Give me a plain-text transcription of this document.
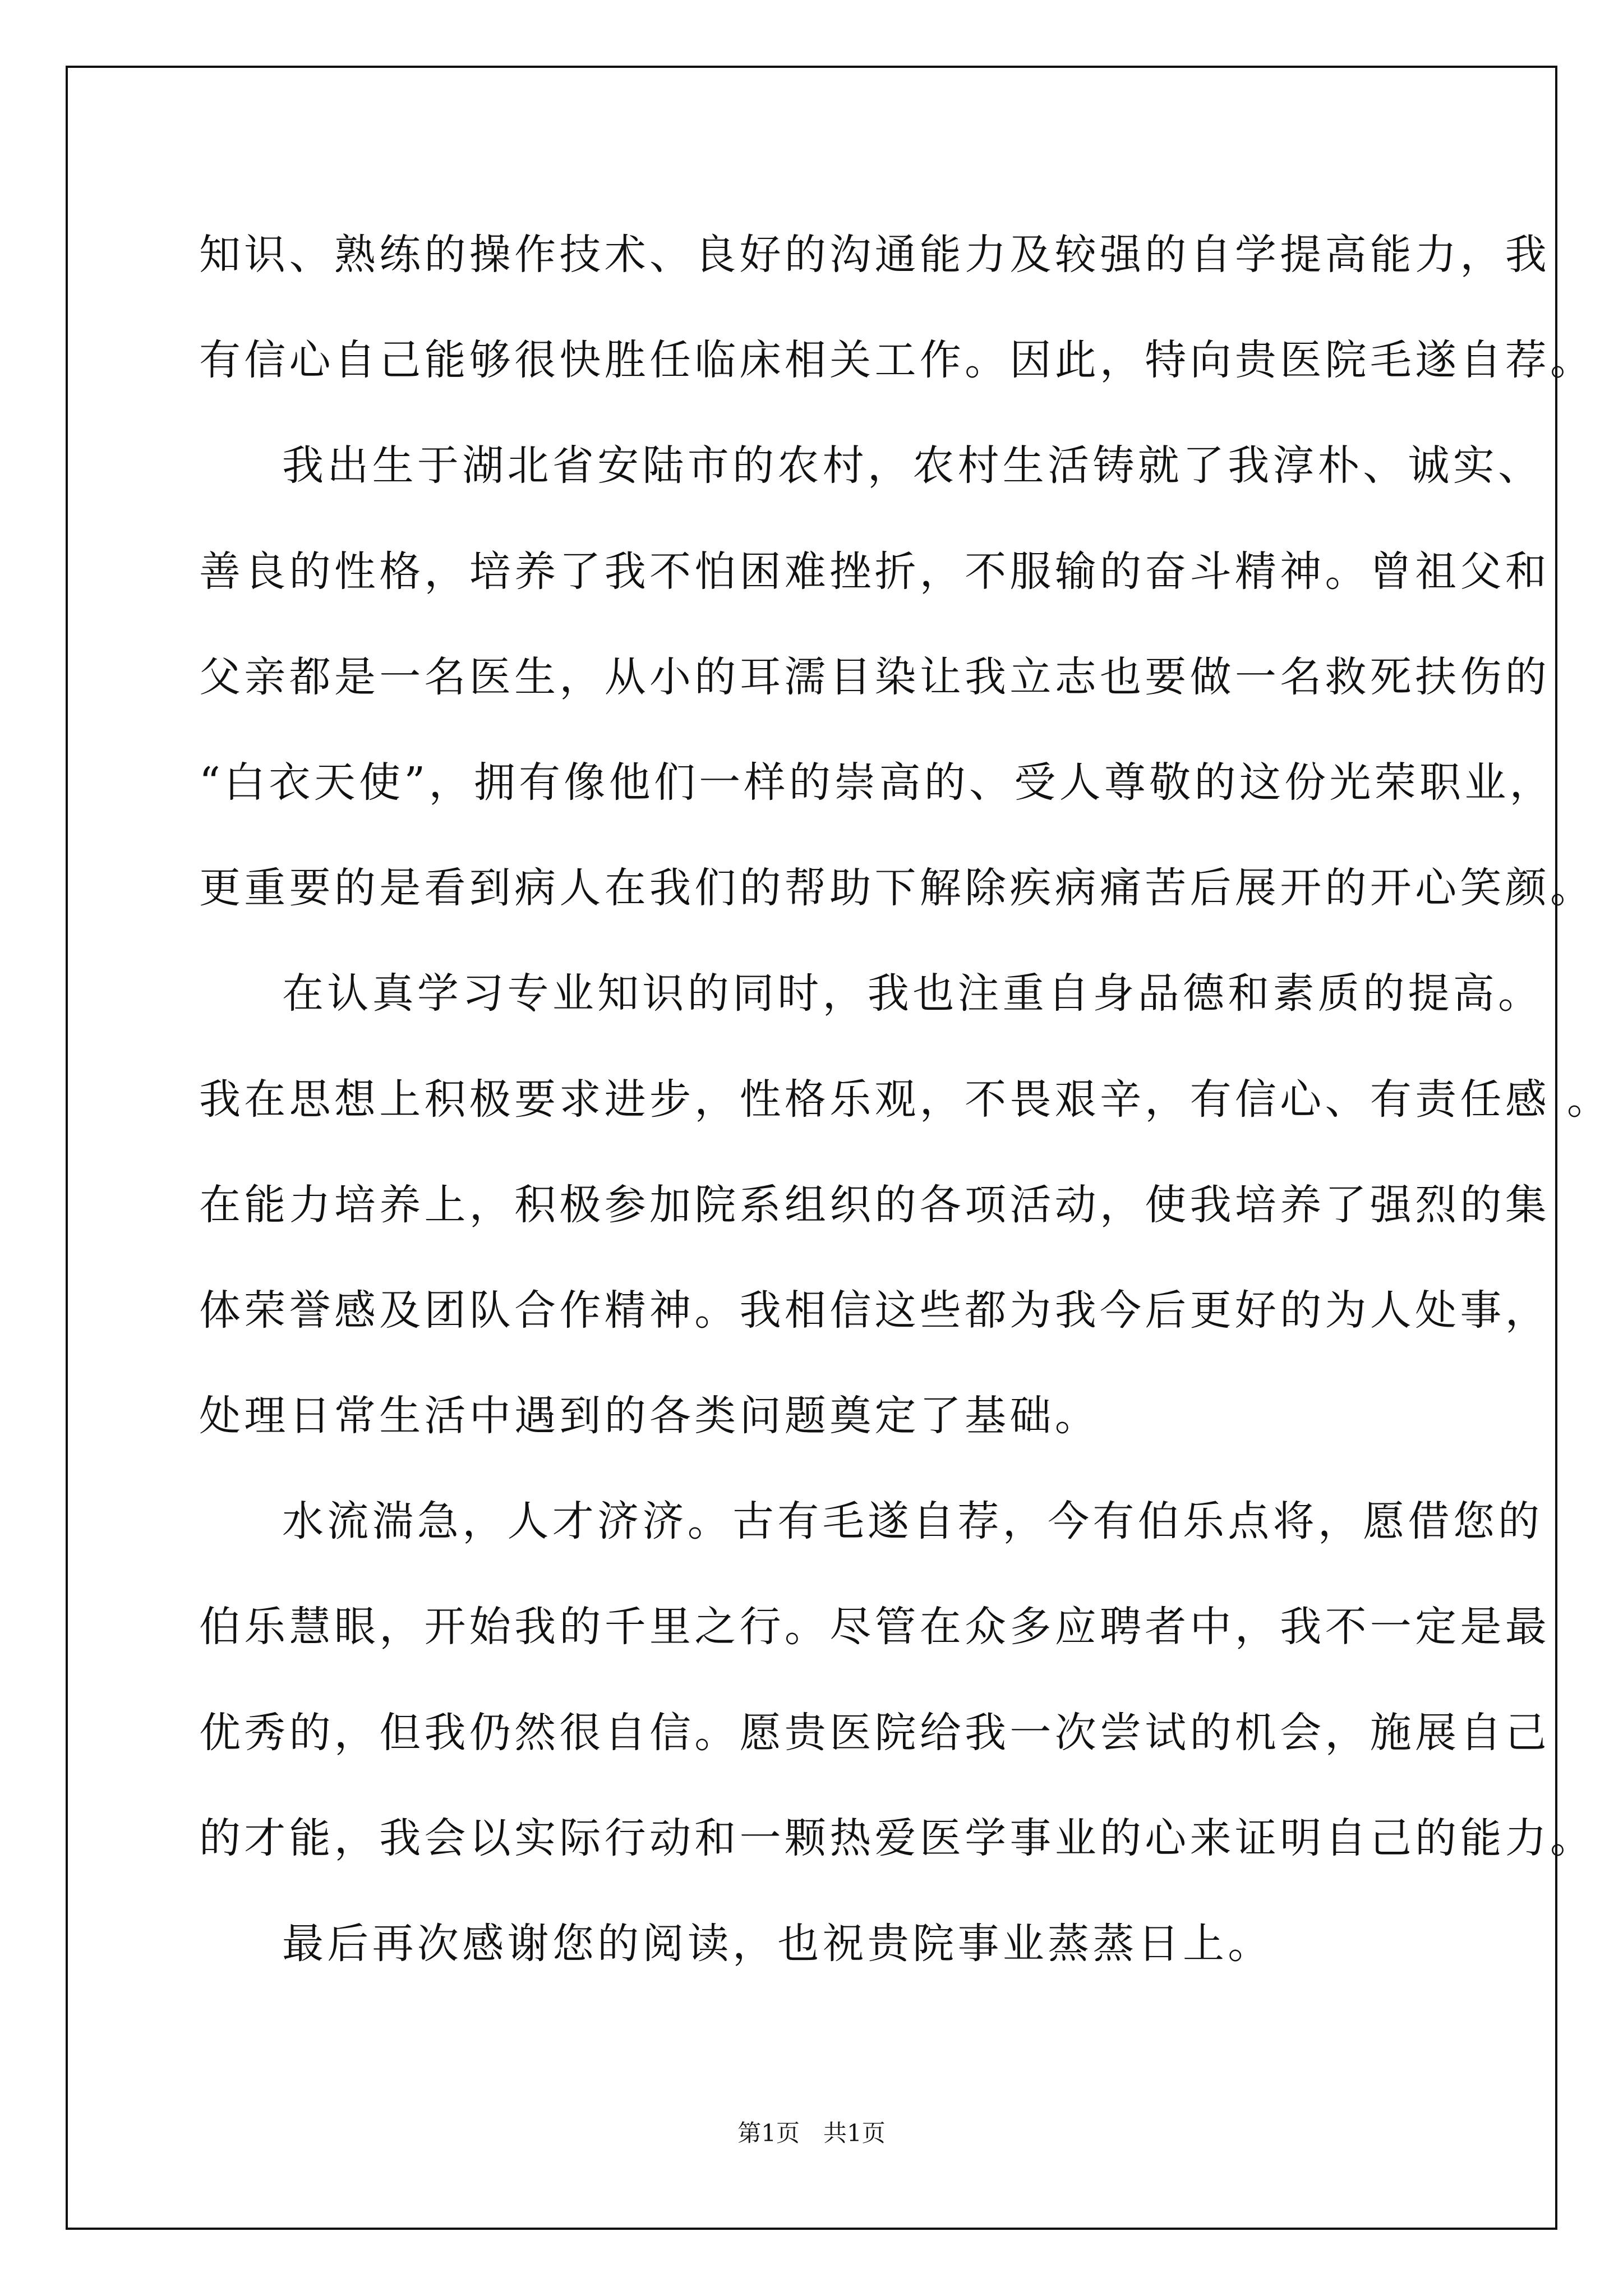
知识、熟练的操作技术、良好的沟通能力及较强的自学提高能力，我
有信心自己能够很快胜任临床相关工作。因此，特向贵医院毛遂自荐。
我出生于湖北省安陆市的农村，农村生活铸就了我淳朴、诚实、
善良的性格，培养了我不怕困难挫折，不服输的奋斗精神。曾祖父和
父亲都是一名医生，从小的耳濡目染让我立志也要做一名救死扶伤的
“白衣天使”，拥有像他们一样的崇高的、受人尊敬的这份光荣职业，
更重要的是看到病人在我们的帮助下解除疾病痛苦后展开的开心笑颜。
在认真学习专业知识的同时，我也注重自身品德和素质的提高。
我在思想上积极要求进步，性格乐观，不畏艰辛，有信心、有责任感 。
在能力培养上，积极参加院系组织的各项活动，使我培养了强烈的集
体荣誉感及团队合作精神。我相信这些都为我今后更好的为人处事，
处理日常生活中遇到的各类问题奠定了基础。
水流湍急，人才济济。古有毛遂自荐，今有伯乐点将，愿借您的
伯乐慧眼，开始我的千里之行。尽管在众多应聘者中，我不一定是最
优秀的，但我仍然很自信。愿贵医院给我一次尝试的机会，施展自己
的才能，我会以实际行动和一颗热爱医学事业的心来证明自己的能力。
最后再次感谢您的阅读，也祝贵院事业蒸蒸日上。
第1页　共1页
